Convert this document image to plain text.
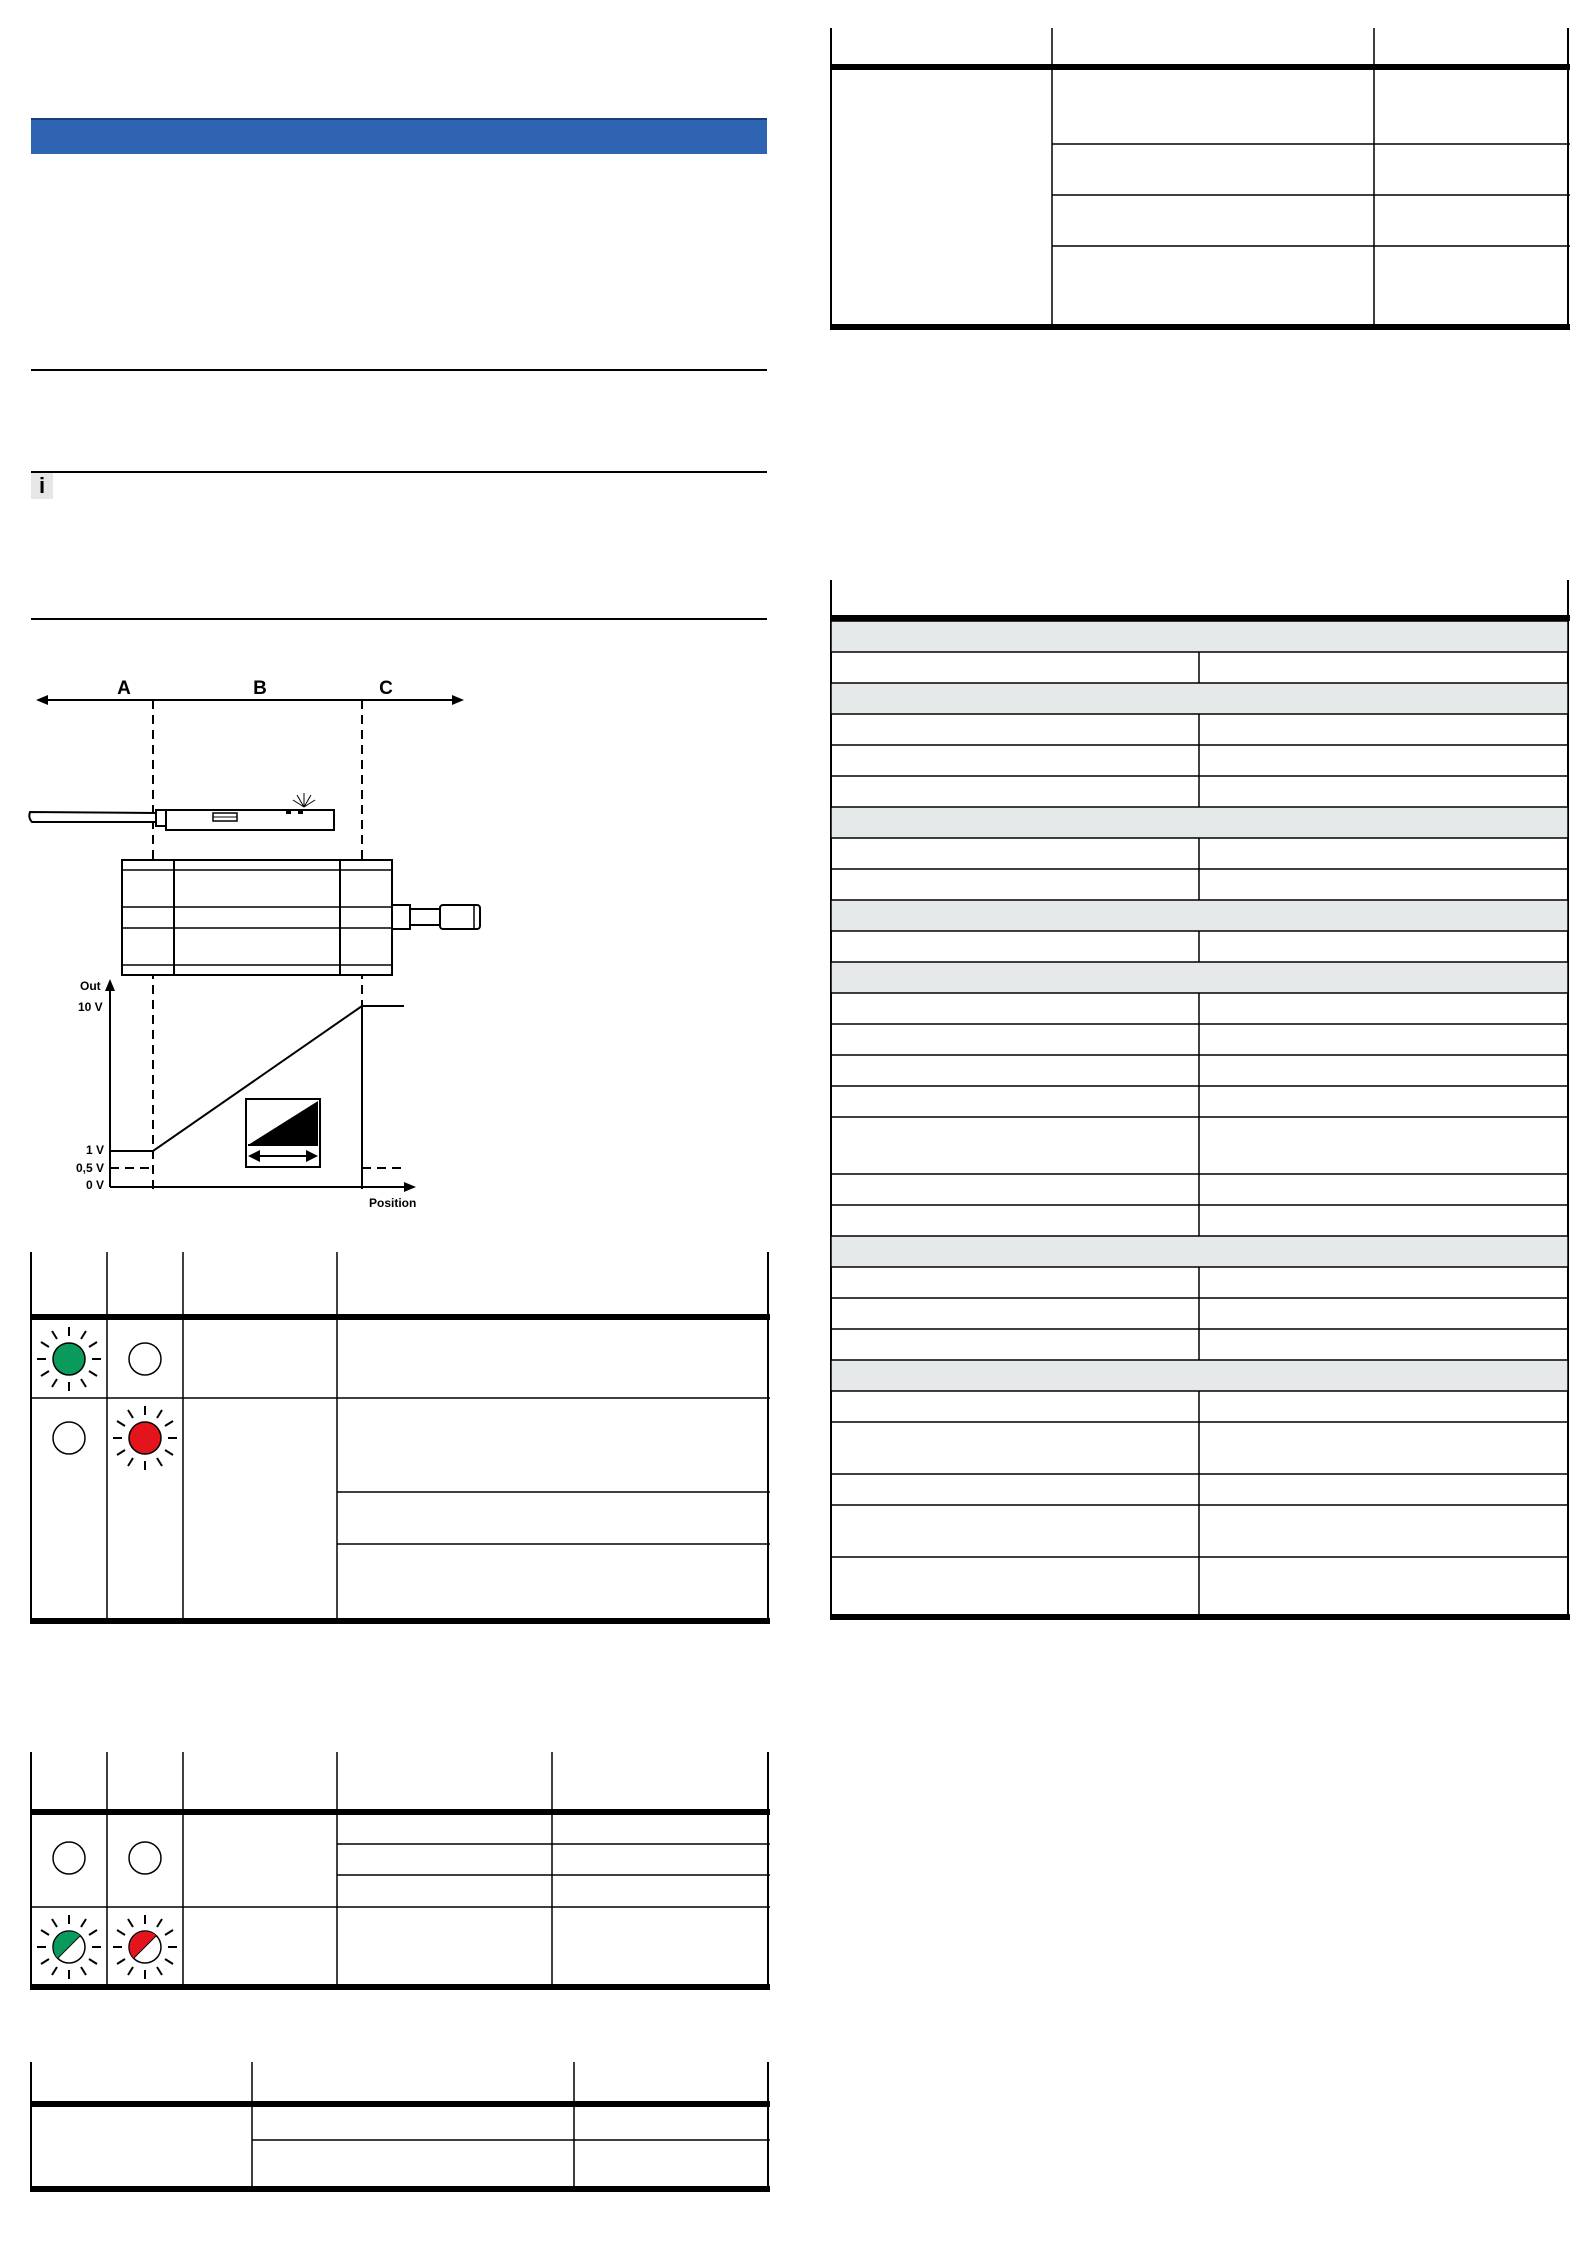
i
A	B	C
Out
10 V
1 V
0,5 V
0 V
Position
